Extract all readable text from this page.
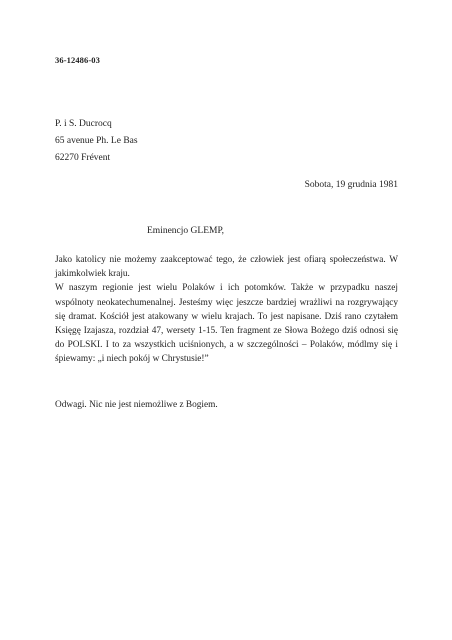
36-12486-03
P. i S. Ducrocq
65 avenue Ph. Le Bas
62270 Frévent
Sobota, 19 grudnia 1981
Eminencjo GLEMP,

Jako katolicy nie możemy zaakceptować tego, że człowiek jest ofiarą społeczeństwa. W jakimkolwiek kraju.

W naszym regionie jest wielu Polaków i ich potomków. Także w przypadku naszej wspólnoty neokatechumenalnej. Jesteśmy więc jeszcze bardziej wrażliwi na rozgrywający się dramat. Kościół jest atakowany w wielu krajach. To jest napisane. Dziś rano czytałem Księgę Izajasza, rozdział 47, wersety 1-15. Ten fragment ze Słowa Bożego dziś odnosi się do POLSKI. I to za wszystkich uciśnionych, a w szczególności – Polaków, módlmy się i śpiewamy: „i niech pokój w Chrystusie!”

Odwagi. Nic nie jest niemożliwe z Bogiem.
